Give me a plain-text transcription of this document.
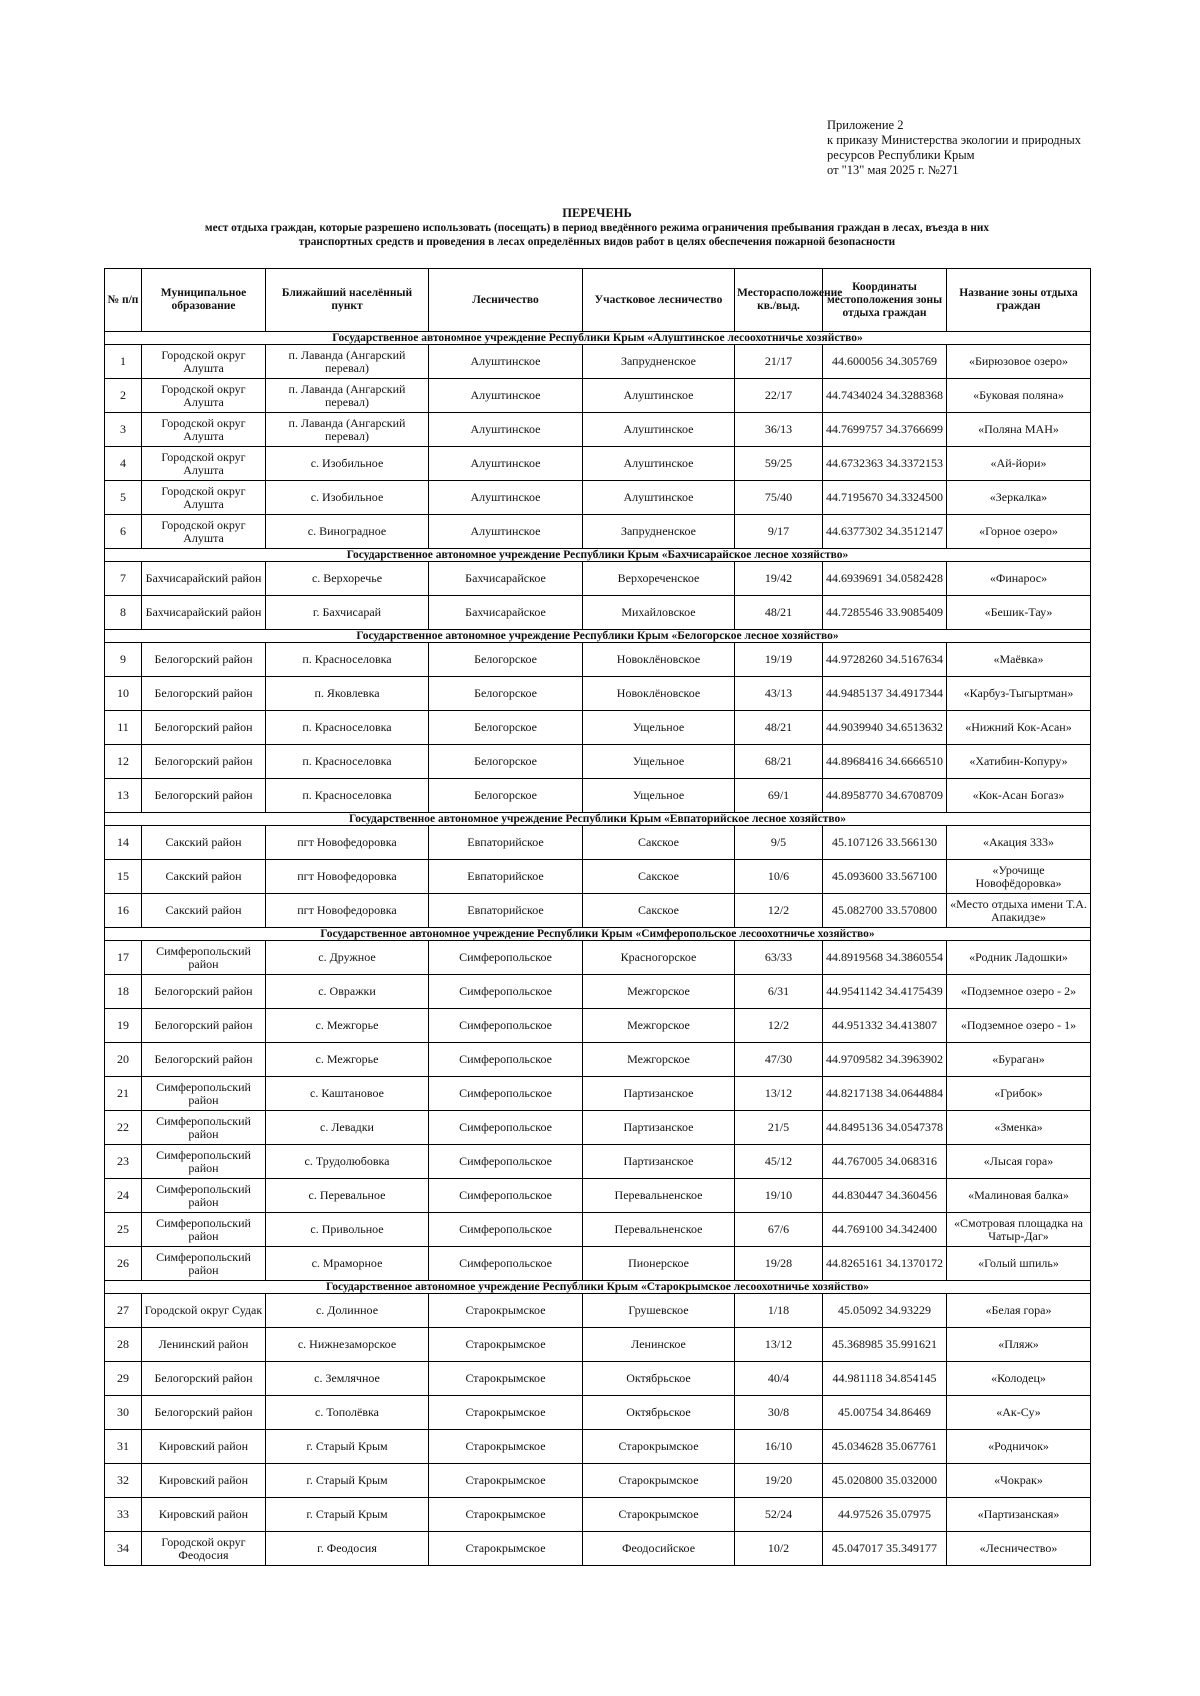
Приложение 2
к приказу Министерства экологии и природных
ресурсов Республики Крым
от "13" мая 2025 г. №271
ПЕРЕЧЕНЬ
мест отдыха граждан, которые разрешено использовать (посещать) в период введённого режима ограничения пребывания граждан в лесах, въезда в них
транспортных средств и проведения в лесах определённых видов работ в целях обеспечения пожарной безопасности
№ п/п	Муниципальное образование	Ближайший населённый пункт	Лесничество	Участковое лесничество	Месторасположение кв./выд.	Координаты местоположения зоны отдыха граждан	Название зоны отдыха граждан
Государственное автономное учреждение Республики Крым «Алуштинское лесоохотничье хозяйство»							
1	Городской округ Алушта	п. Лаванда (Ангарский перевал)	Алуштинское	Запрудненское	21/17	44.600056 34.305769	«Бирюзовое озеро»
2	Городской округ Алушта	п. Лаванда (Ангарский перевал)	Алуштинское	Алуштинское	22/17	44.7434024 34.3288368	«Буковая поляна»
3	Городской округ Алушта	п. Лаванда (Ангарский перевал)	Алуштинское	Алуштинское	36/13	44.7699757 34.3766699	«Поляна МАН»
4	Городской округ Алушта	с. Изобильное	Алуштинское	Алуштинское	59/25	44.6732363 34.3372153	«Ай-йори»
5	Городской округ Алушта	с. Изобильное	Алуштинское	Алуштинское	75/40	44.7195670 34.3324500	«Зеркалка»
6	Городской округ Алушта	с. Виноградное	Алуштинское	Запрудненское	9/17	44.6377302 34.3512147	«Горное озеро»
Государственное автономное учреждение Республики Крым «Бахчисарайское лесное хозяйство»							
7	Бахчисарайский район	с. Верхоречье	Бахчисарайское	Верхореченское	19/42	44.6939691 34.0582428	«Финарос»
8	Бахчисарайский район	г. Бахчисарай	Бахчисарайское	Михайловское	48/21	44.7285546 33.9085409	«Бешик-Тау»
Государственное автономное учреждение Республики Крым «Белогорское лесное хозяйство»							
9	Белогорский район	п. Красноселовка	Белогорское	Новоклёновское	19/19	44.9728260 34.5167634	«Маёвка»
10	Белогорский район	п. Яковлевка	Белогорское	Новоклёновское	43/13	44.9485137 34.4917344	«Карбуз-Тыгыртман»
11	Белогорский район	п. Красноселовка	Белогорское	Ущельное	48/21	44.9039940 34.6513632	«Нижний Кок-Асан»
12	Белогорский район	п. Красноселовка	Белогорское	Ущельное	68/21	44.8968416 34.6666510	«Хатибин-Копуру»
13	Белогорский район	п. Красноселовка	Белогорское	Ущельное	69/1	44.8958770 34.6708709	«Кок-Асан Богаз»
Государственное автономное учреждение Республики Крым «Евпаторийское лесное хозяйство»							
14	Сакский район	пгт Новофедоровка	Евпаторийское	Сакское	9/5	45.107126 33.566130	«Акация 333»
15	Сакский район	пгт Новофедоровка	Евпаторийское	Сакское	10/6	45.093600 33.567100	«Урочище Новофёдоровка»
16	Сакский район	пгт Новофедоровка	Евпаторийское	Сакское	12/2	45.082700 33.570800	«Место отдыха имени Т.А. Апакидзе»
Государственное автономное учреждение Республики Крым «Симферопольское лесоохотничье хозяйство»							
17	Симферопольский район	с. Дружное	Симферопольское	Красногорское	63/33	44.8919568 34.3860554	«Родник Ладошки»
18	Белогорский район	с. Овражки	Симферопольское	Межгорское	6/31	44.9541142 34.4175439	«Подземное озеро - 2»
19	Белогорский район	с. Межгорье	Симферопольское	Межгорское	12/2	44.951332 34.413807	«Подземное озеро - 1»
20	Белогорский район	с. Межгорье	Симферопольское	Межгорское	47/30	44.9709582 34.3963902	«Бураган»
21	Симферопольский район	с. Каштановое	Симферопольское	Партизанское	13/12	44.8217138 34.0644884	«Грибок»
22	Симферопольский район	с. Левадки	Симферопольское	Партизанское	21/5	44.8495136 34.0547378	«Зменка»
23	Симферопольский район	с. Трудолюбовка	Симферопольское	Партизанское	45/12	44.767005 34.068316	«Лысая гора»
24	Симферопольский район	с. Перевальное	Симферопольское	Перевальненское	19/10	44.830447 34.360456	«Малиновая балка»
25	Симферопольский район	с. Привольное	Симферопольское	Перевальненское	67/6	44.769100 34.342400	«Смотровая площадка на Чатыр-Даг»
26	Симферопольский район	с. Мраморное	Симферопольское	Пионерское	19/28	44.8265161 34.1370172	«Голый шпиль»
Государственное автономное учреждение Республики Крым «Старокрымское лесоохотничье хозяйство»							
27	Городской округ Судак	с. Долинное	Старокрымское	Грушевское	1/18	45.05092 34.93229	«Белая гора»
28	Ленинский район	с. Нижнезаморское	Старокрымское	Ленинское	13/12	45.368985 35.991621	«Пляж»
29	Белогорский район	с. Землячное	Старокрымское	Октябрьское	40/4	44.981118 34.854145	«Колодец»
30	Белогорский район	с. Тополёвка	Старокрымское	Октябрьское	30/8	45.00754 34.86469	«Ак-Су»
31	Кировский район	г. Старый Крым	Старокрымское	Старокрымское	16/10	45.034628 35.067761	«Родничок»
32	Кировский район	г. Старый Крым	Старокрымское	Старокрымское	19/20	45.020800 35.032000	«Чокрак»
33	Кировский район	г. Старый Крым	Старокрымское	Старокрымское	52/24	44.97526 35.07975	«Партизанская»
34	Городской округ Феодосия	г. Феодосия	Старокрымское	Феодосийское	10/2	45.047017 35.349177	«Лесничество»
